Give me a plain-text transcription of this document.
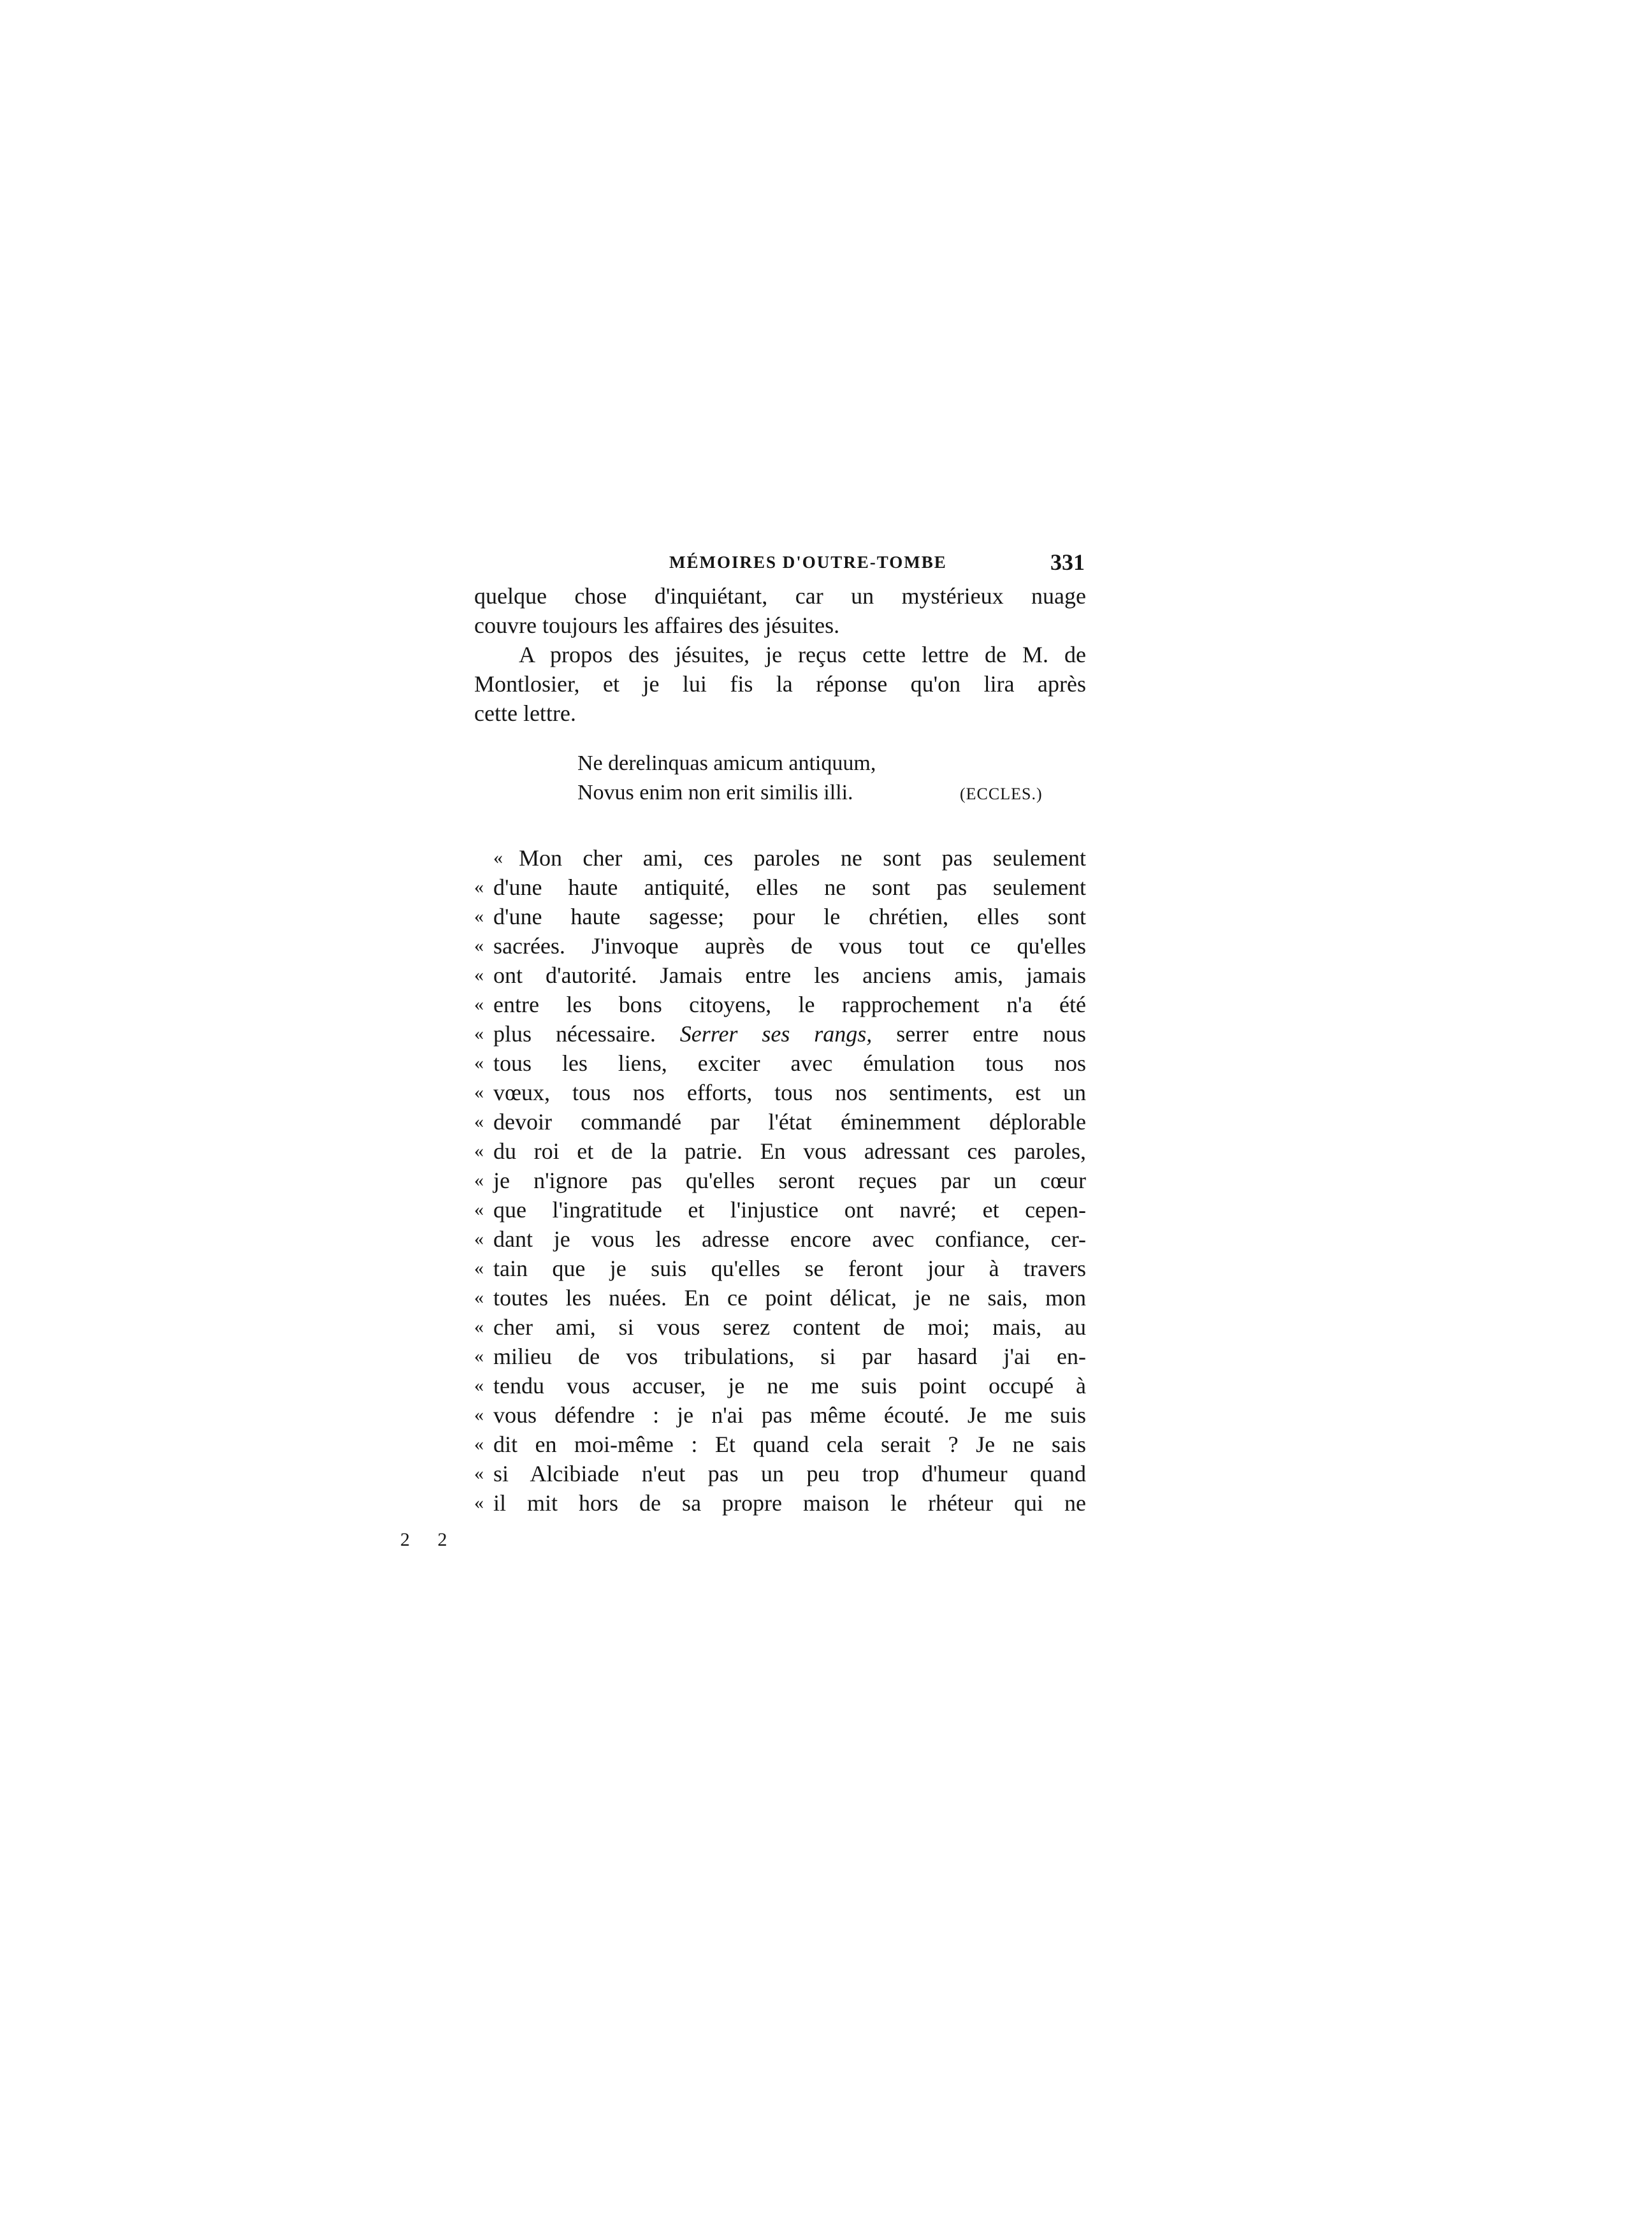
MÉMOIRES D'OUTRE-TOMBE	331
quelque chose d'inquiétant, car un mystérieux nuage
couvre toujours les affaires des jésuites.
A propos des jésuites, je reçus cette lettre de M. de
Montlosier, et je lui fis la réponse qu'on lira après
cette lettre.
Ne derelinquas amicum antiquum,
Novus enim non erit similis illi.	(ECCLES.)
« Mon cher ami, ces paroles ne sont pas seulement
« d'une haute antiquité, elles ne sont pas seulement
« d'une haute sagesse; pour le chrétien, elles sont
« sacrées. J'invoque auprès de vous tout ce qu'elles
« ont d'autorité. Jamais entre les anciens amis, jamais
« entre les bons citoyens, le rapprochement n'a été
« plus nécessaire. Serrer ses rangs, serrer entre nous
« tous les liens, exciter avec émulation tous nos
« vœux, tous nos efforts, tous nos sentiments, est un
« devoir commandé par l'état éminemment déplorable
« du roi et de la patrie. En vous adressant ces paroles,
« je n'ignore pas qu'elles seront reçues par un cœur
« que l'ingratitude et l'injustice ont navré; et cepen-
« dant je vous les adresse encore avec confiance, cer-
« tain que je suis qu'elles se feront jour à travers
« toutes les nuées. En ce point délicat, je ne sais, mon
« cher ami, si vous serez content de moi; mais, au
« milieu de vos tribulations, si par hasard j'ai en-
« tendu vous accuser, je ne me suis point occupé à
« vous défendre : je n'ai pas même écouté. Je me suis
« dit en moi-même : Et quand cela serait ? Je ne sais
« si Alcibiade n'eut pas un peu trop d'humeur quand
« il mit hors de sa propre maison le rhéteur qui ne
2 2
